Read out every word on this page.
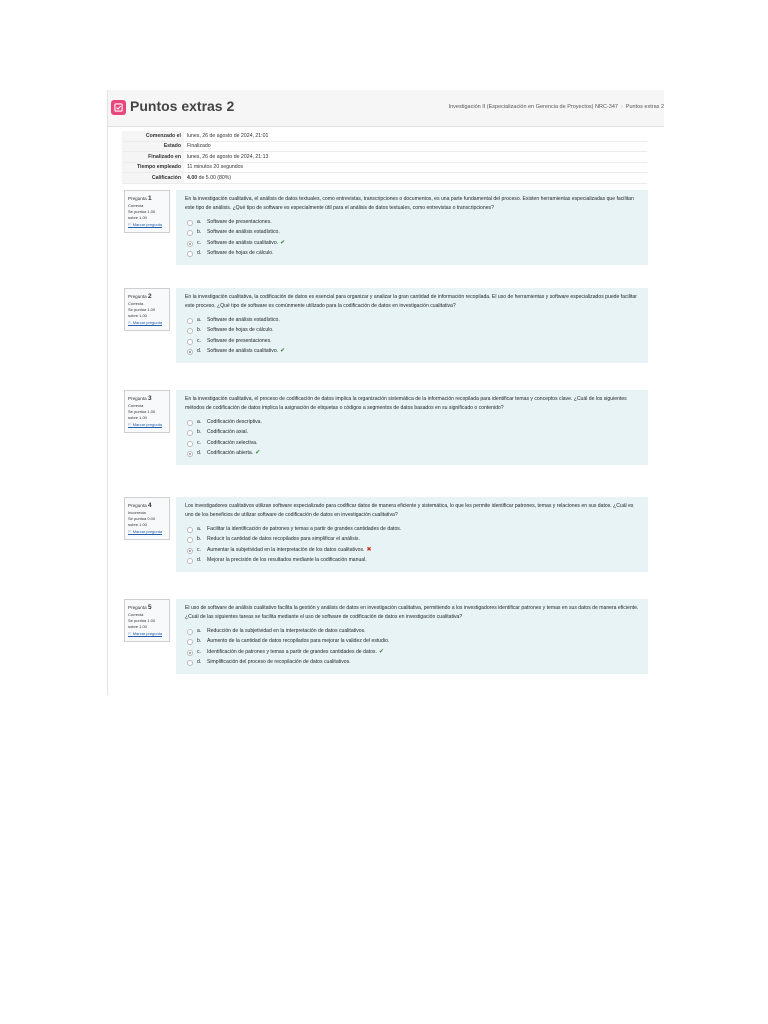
Puntos extras 2	Investigación II (Especialización en Gerencia de Proyectos) NRC-347 › Puntos extras 2
Comenzado el	lunes, 26 de agosto de 2024, 21:01
Estado	Finalizado
Finalizado en	lunes, 26 de agosto de 2024, 21:13
Tiempo empleado	11 minutos 20 segundos
Calificación	4.00 de 5.00 (80%)
Pregunta 1
Correcta
Se puntúa 1.00 sobre 1.00
⚐ Marcar pregunta
En la investigación cualitativa, el análisis de datos textuales, como entrevistas, transcripciones o documentos, es una parte fundamental del proceso. Existen herramientas especializadas que facilitan este tipo de análisis. ¿Qué tipo de software es especialmente útil para el análisis de datos textuales, como entrevistas o transcripciones?
a. Software de presentaciones.
b. Software de análisis estadístico.
c. Software de análisis cualitativo. ✔
d. Software de hojas de cálculo.
Pregunta 2
Correcta
Se puntúa 1.00 sobre 1.00
⚐ Marcar pregunta
En la investigación cualitativa, la codificación de datos es esencial para organizar y analizar la gran cantidad de información recopilada. El uso de herramientas y software especializados puede facilitar este proceso. ¿Qué tipo de software es comúnmente utilizado para la codificación de datos en investigación cualitativa?
a. Software de análisis estadístico.
b. Software de hojas de cálculo.
c. Software de presentaciones.
d. Software de análisis cualitativo. ✔
Pregunta 3
Correcta
Se puntúa 1.00 sobre 1.00
⚐ Marcar pregunta
En la investigación cualitativa, el proceso de codificación de datos implica la organización sistemática de la información recopilada para identificar temas y conceptos clave. ¿Cuál de los siguientes métodos de codificación de datos implica la asignación de etiquetas o códigos a segmentos de datos basados en su significado o contenido?
a. Codificación descriptiva.
b. Codificación axial.
c. Codificación selectiva.
d. Codificación abierta. ✔
Pregunta 4
Incorrecta
Se puntúa 0.00 sobre 1.00
⚐ Marcar pregunta
Los investigadores cualitativos utilizan software especializado para codificar datos de manera eficiente y sistemática, lo que les permite identificar patrones, temas y relaciones en sus datos. ¿Cuál es uno de los beneficios de utilizar software de codificación de datos en investigación cualitativa?
a. Facilitar la identificación de patrones y temas a partir de grandes cantidades de datos.
b. Reducir la cantidad de datos recopilados para simplificar el análisis.
c. Aumentar la subjetividad en la interpretación de los datos cualitativos. ✖
d. Mejorar la precisión de los resultados mediante la codificación manual.
Pregunta 5
Correcta
Se puntúa 1.00 sobre 1.00
⚐ Marcar pregunta
El uso de software de análisis cualitativo facilita la gestión y análisis de datos en investigación cualitativa, permitiendo a los investigadores identificar patrones y temas en sus datos de manera eficiente. ¿Cuál de las siguientes tareas se facilita mediante el uso de software de codificación de datos en investigación cualitativa?
a. Reducción de la subjetividad en la interpretación de datos cualitativos.
b. Aumento de la cantidad de datos recopilados para mejorar la validez del estudio.
c. Identificación de patrones y temas a partir de grandes cantidades de datos. ✔
d. Simplificación del proceso de recopilación de datos cualitativos.
